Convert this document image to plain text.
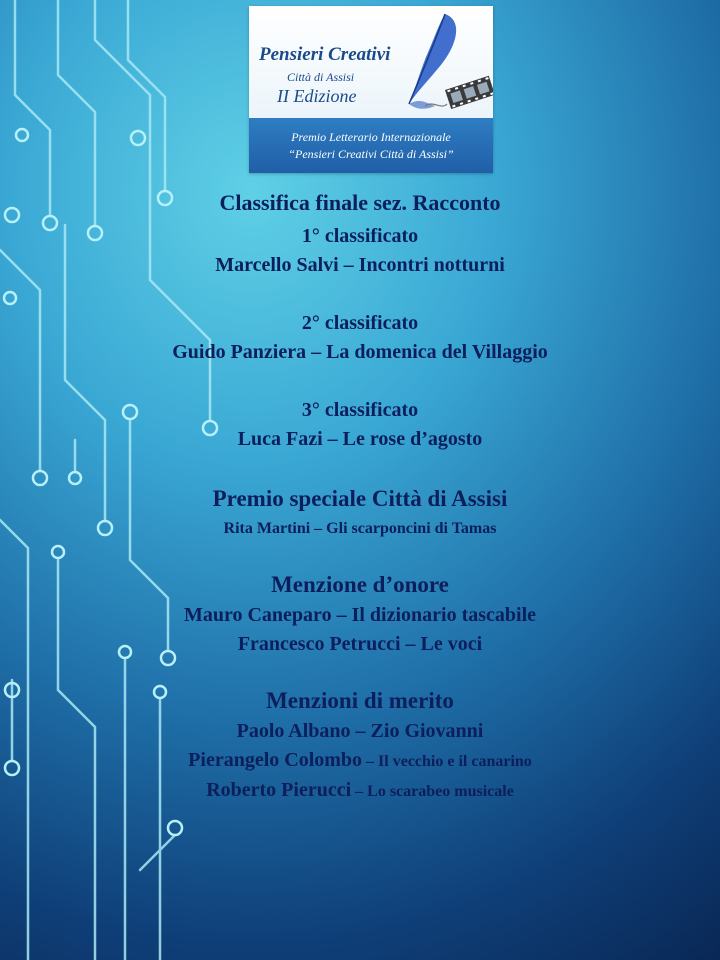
Pensieri Creativi
Città di Assisi
II Edizione
Premio Letterario Internazionale
“Pensieri Creativi Città di Assisi”
Classifica finale sez. Racconto
1° classificato
Marcello Salvi – Incontri notturni
2° classificato
Guido Panziera – La domenica del Villaggio
3° classificato
Luca Fazi – Le rose d’agosto
Premio speciale Città di Assisi
Rita Martini – Gli scarponcini di Tamas
Menzione d’onore
Mauro Caneparo – Il dizionario tascabile
Francesco Petrucci – Le voci
Menzioni di merito
Paolo Albano – Zio Giovanni
Pierangelo Colombo – Il vecchio e il canarino
Roberto Pierucci – Lo scarabeo musicale
